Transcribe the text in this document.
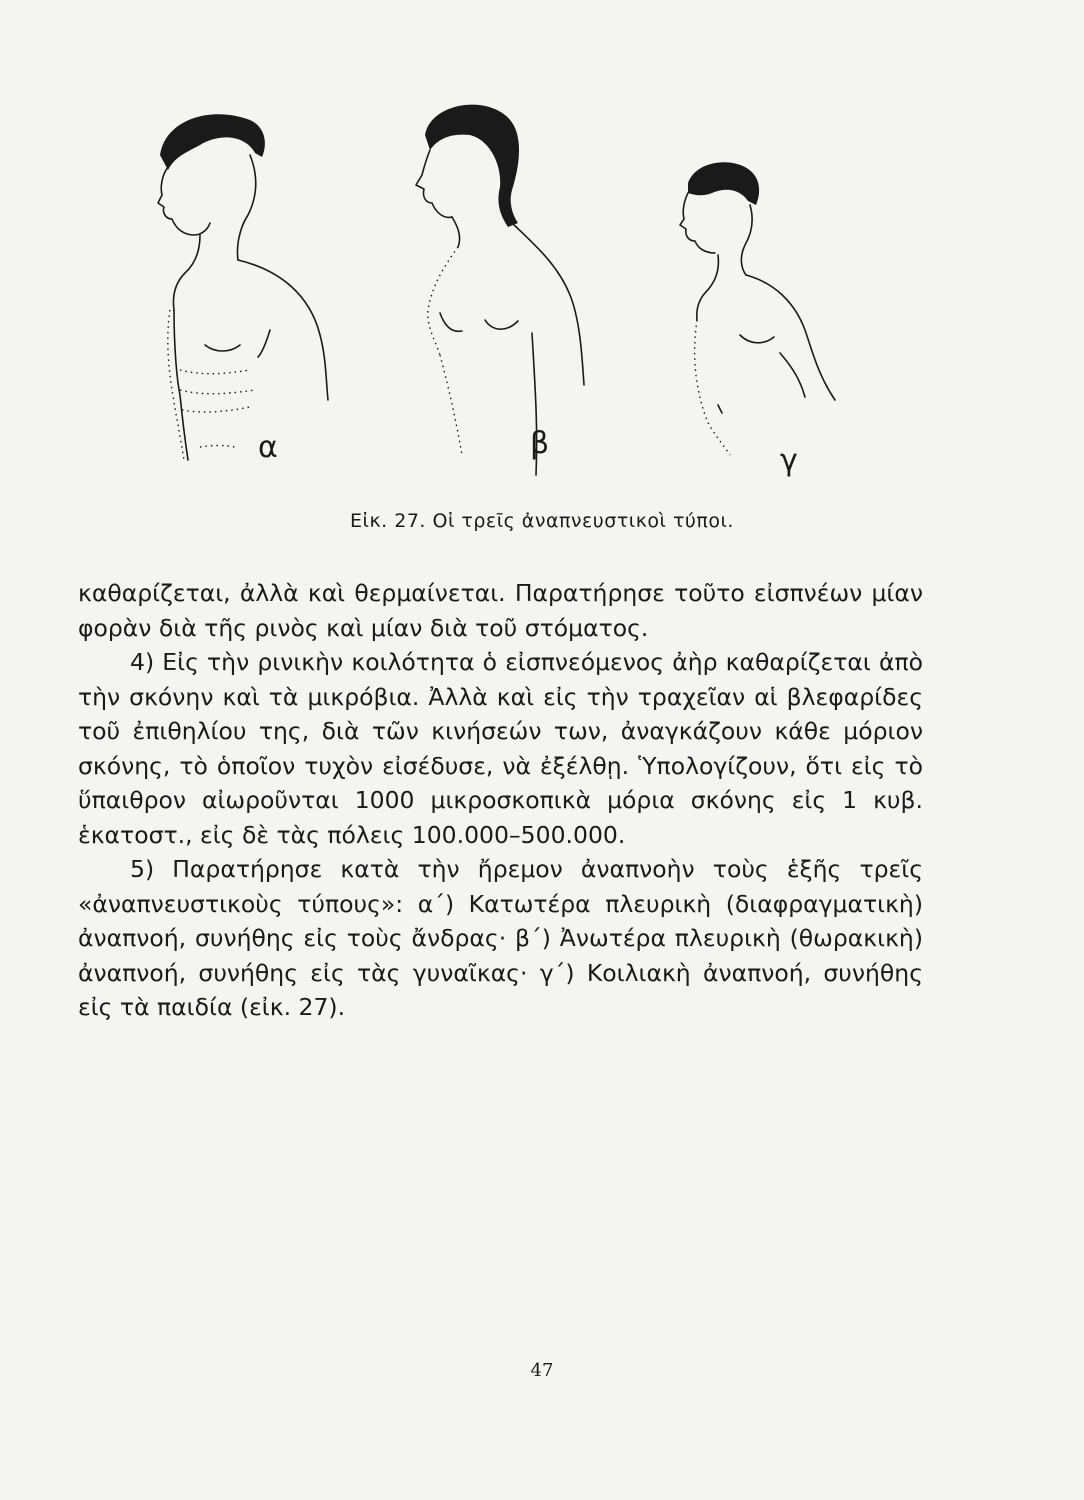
α	β	γ
Εἰκ. 27. Οἱ τρεῖς ἀναπνευστικοὶ τύποι.

καθαρίζεται, ἀλλὰ καὶ θερμαίνεται. Παρατήρησε τοῦτο εἰσπνέων μίαν φορὰν διὰ τῆς ρινὸς καὶ μίαν διὰ τοῦ στόματος.

4) Εἰς τὴν ρινικὴν κοιλότητα ὁ εἰσπνεόμενος ἀὴρ καθαρίζεται ἀπὸ τὴν σκόνην καὶ τὰ μικρόβια. Ἀλλὰ καὶ εἰς τὴν τραχεῖαν αἱ βλεφαρίδες τοῦ ἐπιθηλίου της, διὰ τῶν κινήσεών των, ἀναγκάζουν κάθε μόριον σκόνης, τὸ ὁποῖον τυχὸν εἰσέδυσε, νὰ ἐξέλθῃ. Ὑπολογίζουν, ὅτι εἰς τὸ ὕπαιθρον αἰωροῦνται 1000 μικροσκοπικὰ μόρια σκόνης εἰς 1 κυβ. ἑκατοστ., εἰς δὲ τὰς πόλεις 100.000–500.000.

5) Παρατήρησε κατὰ τὴν ἤρεμον ἀναπνοὴν τοὺς ἑξῆς τρεῖς «ἀναπνευστικοὺς τύπους»: α΄) Κατωτέρα πλευρικὴ (διαφραγματικὴ) ἀναπνοή, συνήθης εἰς τοὺς ἄνδρας· β΄) Ἀνωτέρα πλευρικὴ (θωρακικὴ) ἀναπνοή, συνήθης εἰς τὰς γυναῖκας· γ΄) Κοιλιακὴ ἀναπνοή, συνήθης εἰς τὰ παιδία (εἰκ. 27).

47
